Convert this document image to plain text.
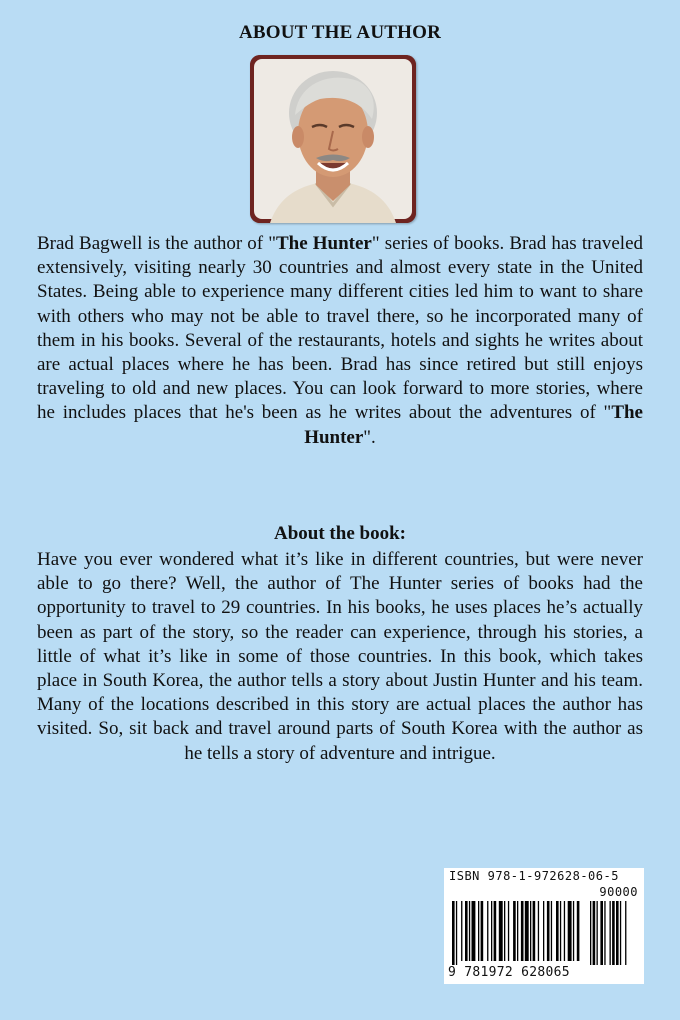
ABOUT THE AUTHOR
Brad Bagwell is the author of "The Hunter" series of books. Brad has traveled extensively, visiting nearly 30 countries and almost every state in the United States. Being able to experience many different cities led him to want to share with others who may not be able to travel there, so he incorporated many of them in his books. Several of the restaurants, hotels and sights he writes about are actual places where he has been. Brad has since retired but still enjoys traveling to old and new places. You can look forward to more stories, where he includes places that he's been as he writes about the adventures of "The Hunter".
About the book:
Have you ever wondered what it’s like in different countries, but were never able to go there? Well, the author of The Hunter series of books had the opportunity to travel to 29 countries. In his books, he uses places he’s actually been as part of the story, so the reader can experience, through his stories, a little of what it’s like in some of those countries. In this book, which takes place in South Korea, the author tells a story about Justin Hunter and his team. Many of the locations described in this story are actual places the author has visited. So, sit back and travel around parts of South Korea with the author as he tells a story of adventure and intrigue.
ISBN 978-1-972628-06-5
90000
9 781972 628065
